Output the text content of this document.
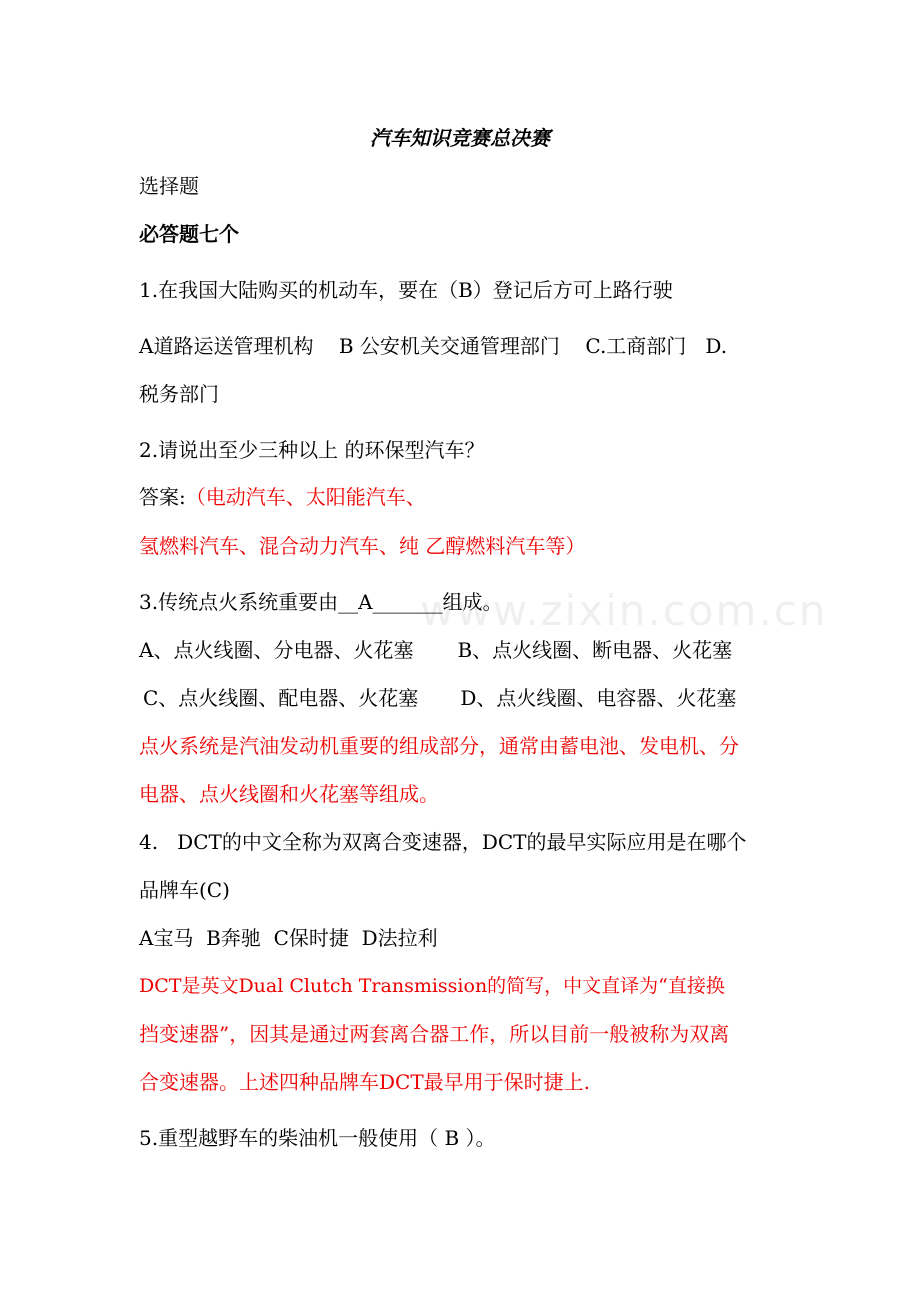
汽车知识竞赛总决赛
选择题
必答题七个
1.在我国大陆购买的机动车，要在（B）登记后方可上路行驶
A道路运送管理机构    B 公安机关交通管理部门    C.工商部门   D.
税务部门
2.请说出至少三种以上 的环保型汽车？
答案:（电动汽车、太阳能汽车、
氢燃料汽车、混合动力汽车、纯 乙醇燃料汽车等）
3.传统点火系统重要由__A_______组成。
A、点火线圈、分电器、火花塞 B、点火线圈、断电器、火花塞
C、点火线圈、配电器、火花塞 D、点火线圈、电容器、火花塞
点火系统是汽油发动机重要的组成部分，通常由蓄电池、发电机、分
电器、点火线圈和火花塞等组成。
4.   DCT的中文全称为双离合变速器，DCT的最早实际应用是在哪个
品牌车(C)
A宝马  B奔驰  C保时捷  D法拉利
DCT是英文Dual Clutch Transmission的简写，中文直译为“直接换
挡变速器”，因其是通过两套离合器工作，所以目前一般被称为双离
合变速器。上述四种品牌车DCT最早用于保时捷上.
5.重型越野车的柴油机一般使用（ B ）。
www.zixin.com.cn
